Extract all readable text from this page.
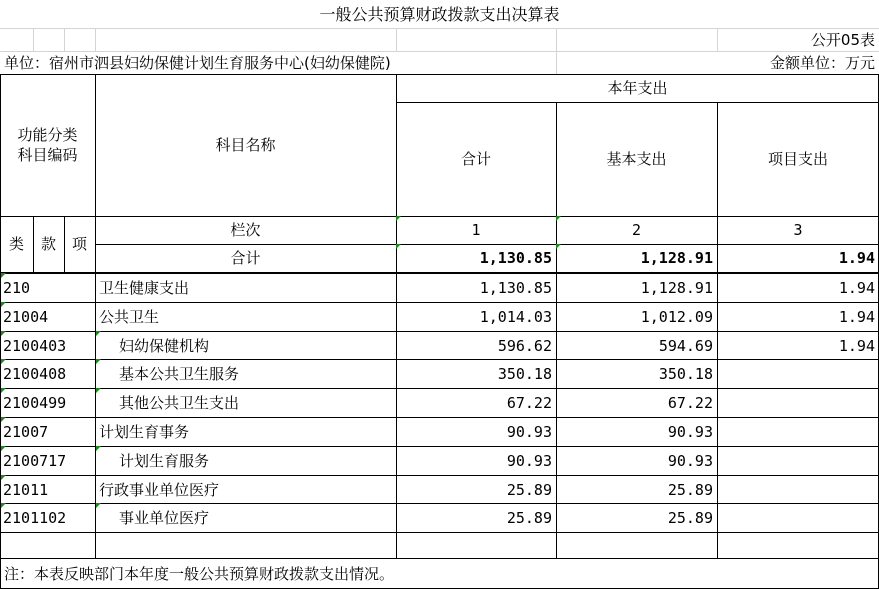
一般公共预算财政拨款支出决算表
公开05表
单位：宿州市泗县妇幼保健计划生育服务中心(妇幼保健院)	金额单位：万元
功能分类
科目编码
科目名称
本年支出
合计	基本支出	项目支出
类	款	项
栏次	1	2	3
合计	1,130.85	1,128.91	1.94
210	卫生健康支出	1,130.85	1,128.91	1.94
21004	公共卫生	1,014.03	1,012.09	1.94
2100403	妇幼保健机构	596.62	594.69	1.94
2100408	基本公共卫生服务	350.18	350.18
2100499	其他公共卫生支出	67.22	67.22
21007	计划生育事务	90.93	90.93
2100717	计划生育服务	90.93	90.93
21011	行政事业单位医疗	25.89	25.89
2101102	事业单位医疗	25.89	25.89
注：本表反映部门本年度一般公共预算财政拨款支出情况。
